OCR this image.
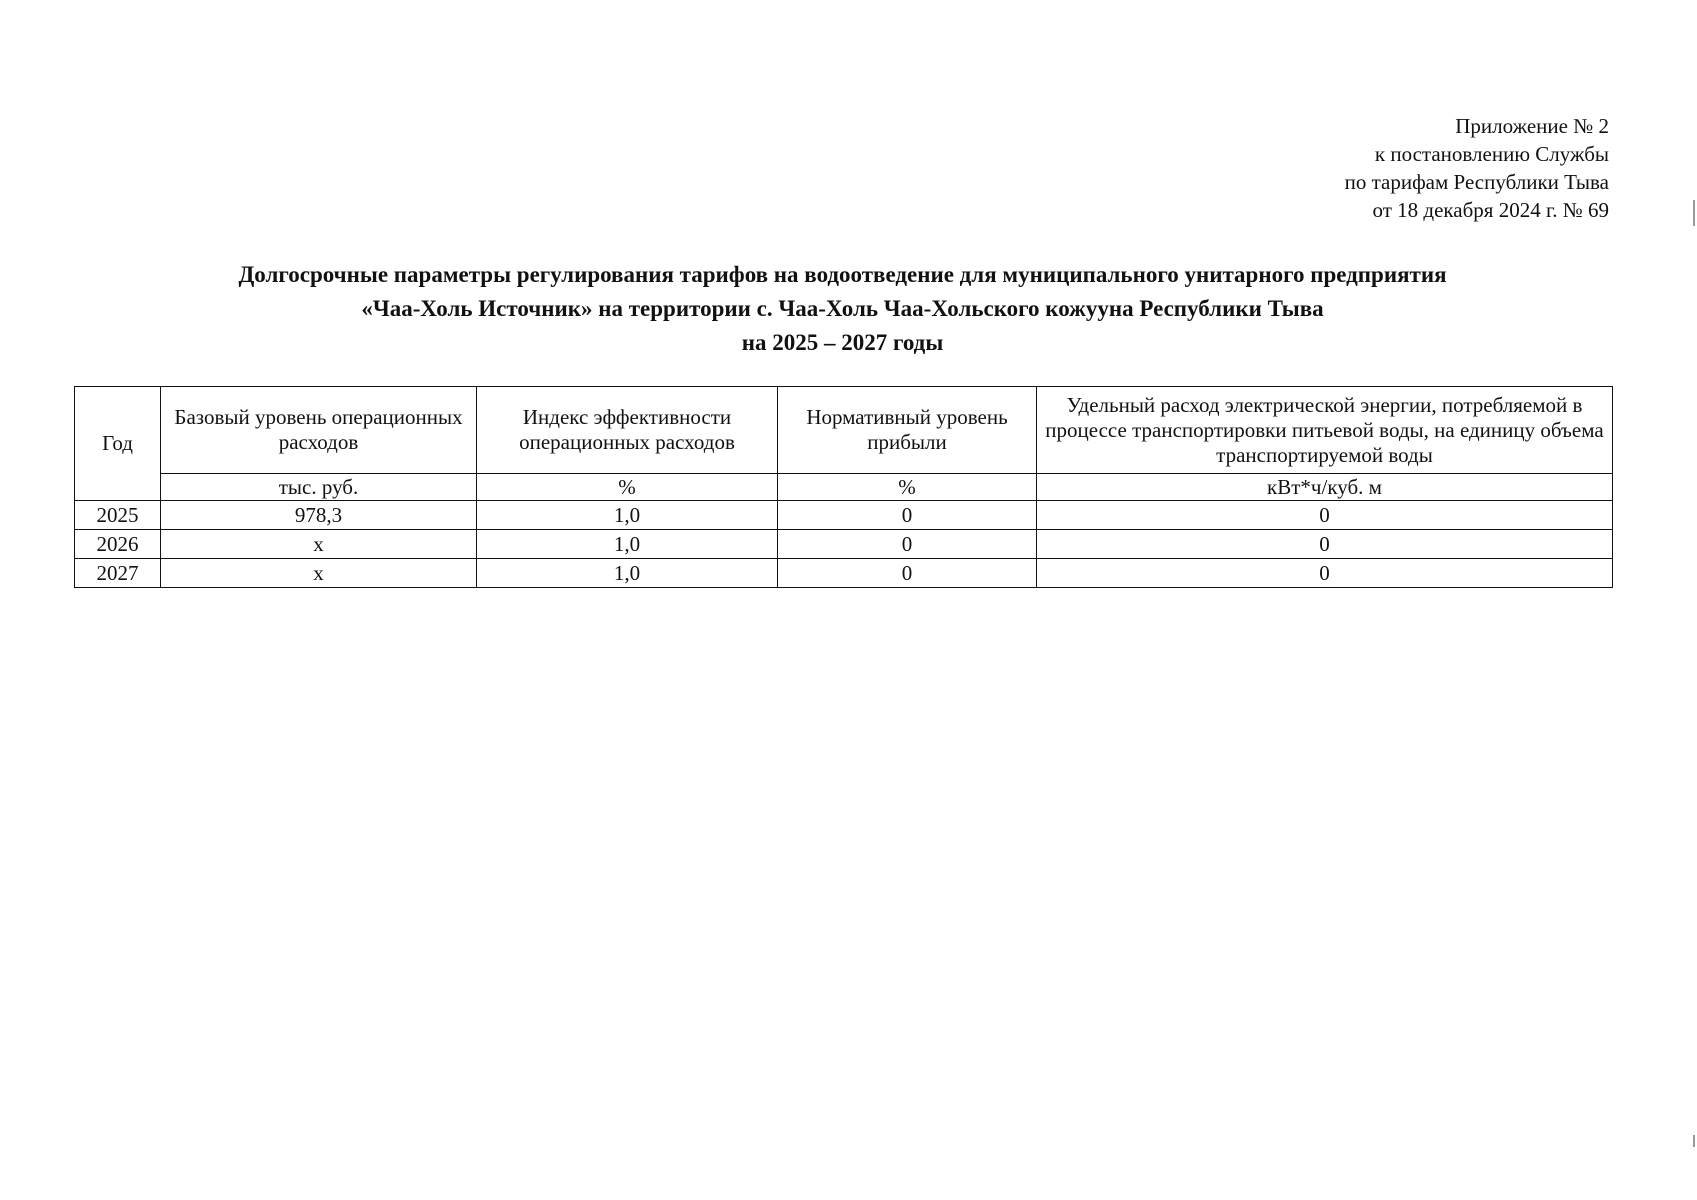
Приложение № 2
к постановлению Службы
по тарифам Республики Тыва
от 18 декабря 2024 г. № 69
Долгосрочные параметры регулирования тарифов на водоотведение для муниципального унитарного предприятия
«Чаа-Холь Источник» на территории с. Чаа-Холь Чаа-Хольского кожууна Республики Тыва
на 2025 – 2027 годы
Год	Базовый уровень операционных расходов	Индекс эффективности операционных расходов	Нормативный уровень прибыли	Удельный расход электрической энергии, потребляемой в процессе транспортировки питьевой воды, на единицу объема транспортируемой воды
	тыс. руб.	%	%	кВт*ч/куб. м
2025	978,3	1,0	0	0
2026	х	1,0	0	0
2027	х	1,0	0	0
